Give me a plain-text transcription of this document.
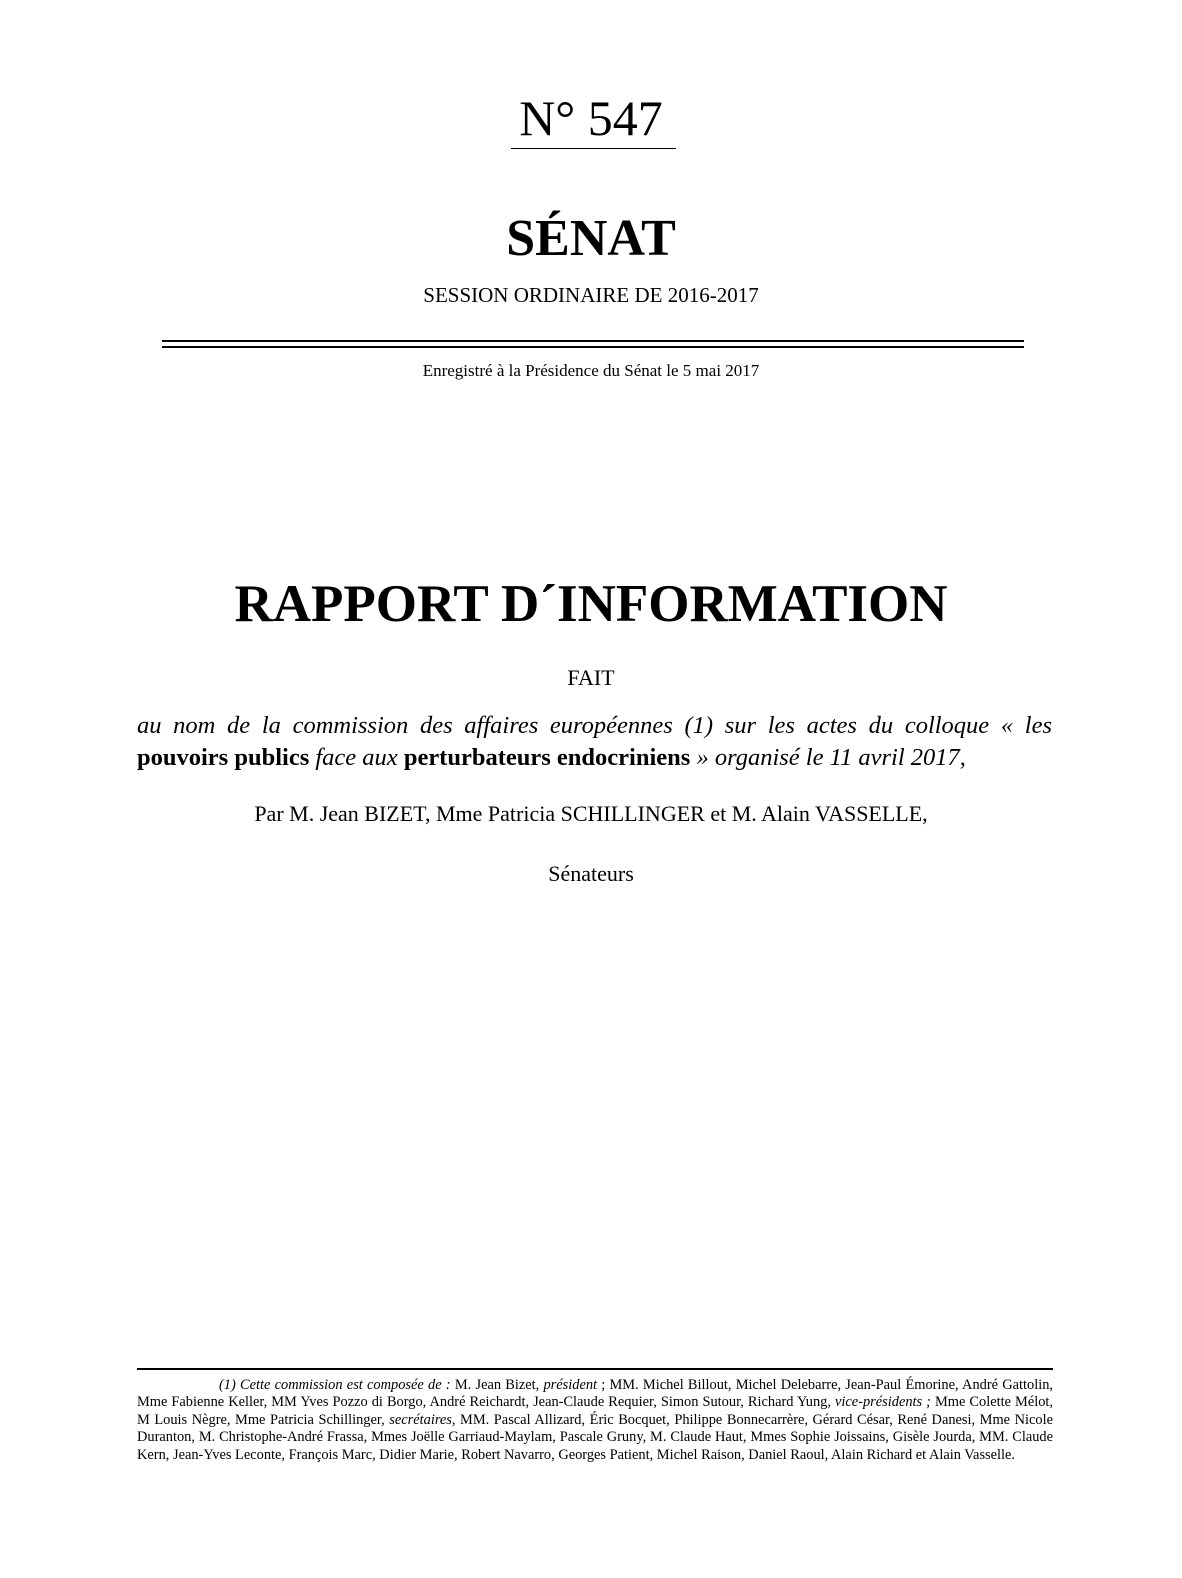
N° 547
SÉNAT
SESSION ORDINAIRE DE 2016-2017
Enregistré à la Présidence du Sénat le 5 mai 2017
RAPPORT D´INFORMATION
FAIT
au nom de la commission des affaires européennes (1) sur les actes du colloque « les pouvoirs publics face aux perturbateurs endocriniens » organisé le 11 avril 2017,
Par M. Jean BIZET, Mme Patricia SCHILLINGER et M. Alain VASSELLE,
Sénateurs
(1) Cette commission est composée de : M. Jean Bizet, président ; MM. Michel Billout, Michel Delebarre, Jean-Paul Émorine, André Gattolin, Mme Fabienne Keller, MM Yves Pozzo di Borgo, André Reichardt, Jean-Claude Requier, Simon Sutour, Richard Yung, vice-présidents ; Mme Colette Mélot, M Louis Nègre, Mme Patricia Schillinger, secrétaires, MM. Pascal Allizard, Éric Bocquet, Philippe Bonnecarrère, Gérard César, René Danesi, Mme Nicole Duranton, M. Christophe-André Frassa, Mmes Joëlle Garriaud-Maylam, Pascale Gruny, M. Claude Haut, Mmes Sophie Joissains, Gisèle Jourda, MM. Claude Kern, Jean-Yves Leconte, François Marc, Didier Marie, Robert Navarro, Georges Patient, Michel Raison, Daniel Raoul, Alain Richard et Alain Vasselle.
